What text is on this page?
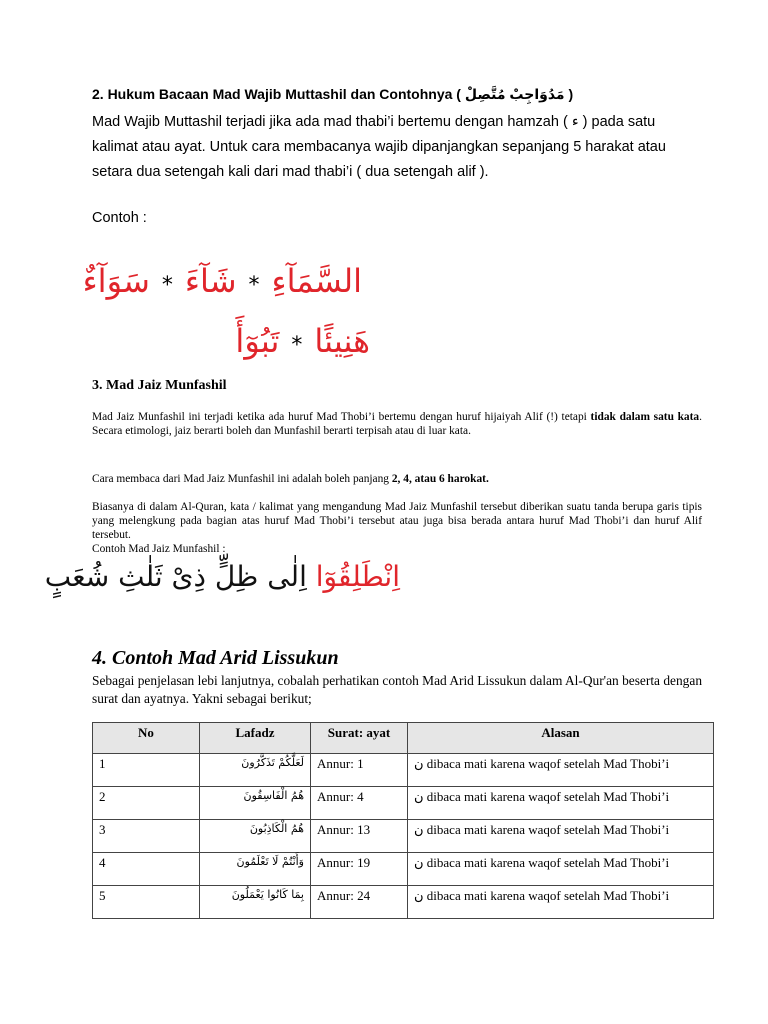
2. Hukum Bacaan Mad Wajib Muttashil dan Contohnya ( مَدُوَاجِبْ مُتَّصِلْ )
Mad Wajib Muttashil terjadi jika ada mad thabi’i bertemu dengan hamzah ( ء ) pada satu kalimat atau ayat. Untuk cara membacanya wajib dipanjangkan sepanjang 5 harakat atau setara dua setengah kali dari mad thabi’i ( dua setengah alif ).
Contoh :
السَّمَآءِ*شَآءَ*سَوَآءٌ
هَنِيئًا*تَبُوٓأَ
3. Mad Jaiz Munfashil
Mad Jaiz Munfashil ini terjadi ketika ada huruf Mad Thobi’i bertemu dengan huruf hijaiyah Alif (!) tetapi tidak dalam satu kata. Secara etimologi, jaiz berarti boleh dan Munfashil berarti terpisah atau di luar kata.
Cara membaca dari Mad Jaiz Munfashil ini adalah boleh panjang 2, 4, atau 6 harokat.
Biasanya di dalam Al-Quran, kata / kalimat yang mengandung Mad Jaiz Munfashil tersebut diberikan suatu tanda berupa garis tipis yang melengkung pada bagian atas huruf Mad Thobi’i tersebut atau juga bisa berada antara huruf Mad Thobi’i dan huruf Alif tersebut.
Contoh Mad Jaiz Munfashil :
اِنْطَلِقُوٓا اِلٰى ظِلٍّ ذِىْ ثَلٰثِ شُعَبٍ
4. Contoh Mad Arid Lissukun
Sebagai penjelasan lebi lanjutnya, cobalah perhatikan contoh Mad Arid Lissukun dalam Al-Qur'an beserta dengan surat dan ayatnya. Yakni sebagai berikut;
No	Lafadz	Surat: ayat	Alasan
1	لَعَلَّكُمْ تَذَكَّرُونَ	Annur: 1	ن dibaca mati karena waqof setelah Mad Thobi’i
2	هُمُ الْفَاسِقُونَ	Annur: 4	ن dibaca mati karena waqof setelah Mad Thobi’i
3	هُمُ الْكَاذِبُونَ	Annur: 13	ن dibaca mati karena waqof setelah Mad Thobi’i
4	وَأَنْتُمْ لَا تَعْلَمُونَ	Annur: 19	ن dibaca mati karena waqof setelah Mad Thobi’i
5	بِمَا كَانُوا يَعْمَلُونَ	Annur: 24	ن dibaca mati karena waqof setelah Mad Thobi’i
